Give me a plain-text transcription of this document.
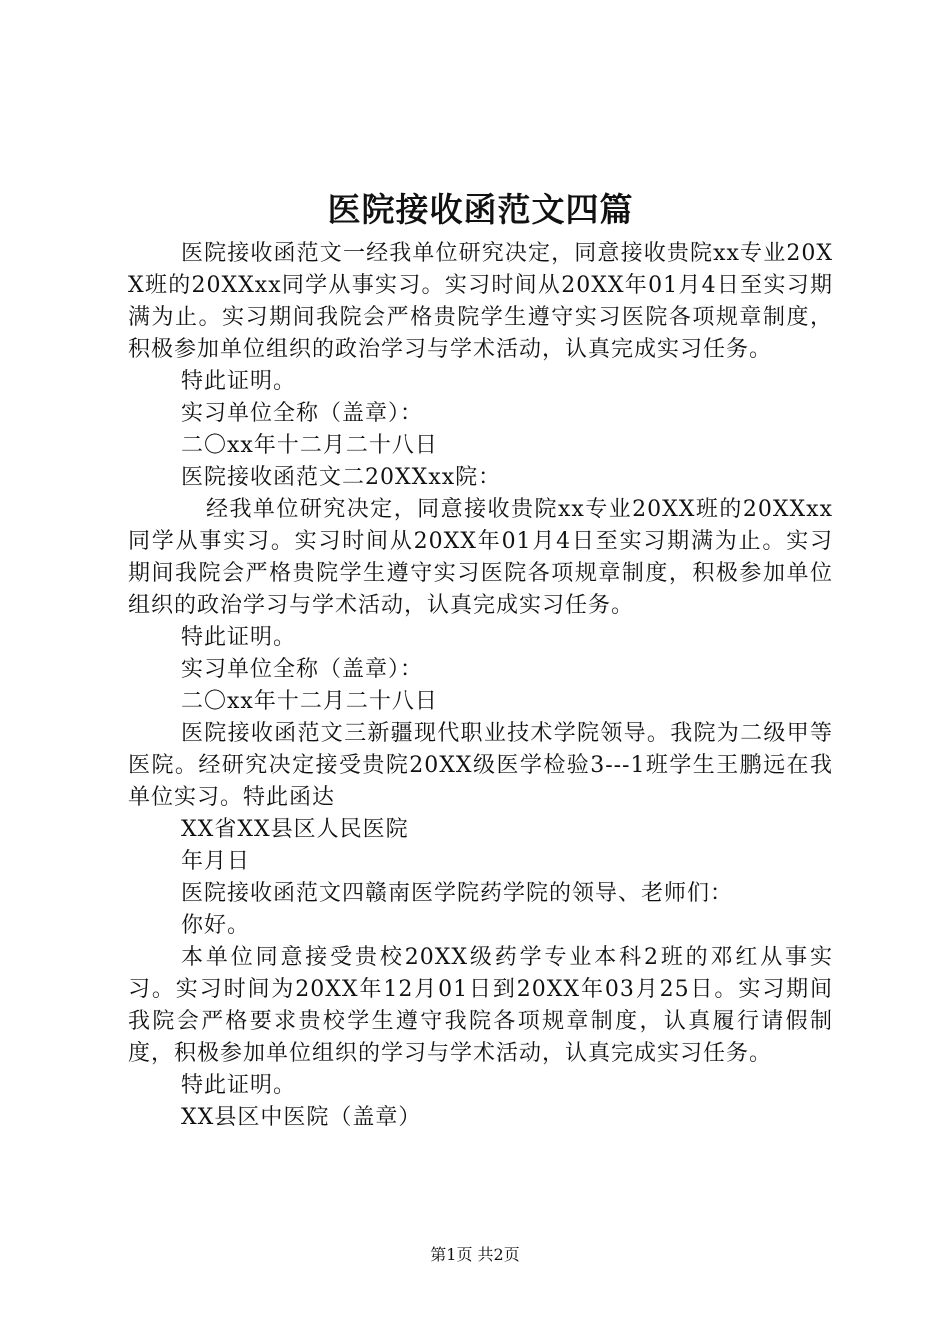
医院接收函范文四篇

医院接收函范文一经我单位研究决定，同意接收贵院xx专业20XX班的20XXxx同学从事实习。实习时间从20XX年01月4日至实习期满为止。实习期间我院会严格贵院学生遵守实习医院各项规章制度，积极参加单位组织的政治学习与学术活动，认真完成实习任务。

特此证明。

实习单位全称（盖章）：

二〇xx年十二月二十八日

医院接收函范文二20XXxx院：

经我单位研究决定，同意接收贵院xx专业20XX班的20XXxx同学从事实习。实习时间从20XX年01月4日至实习期满为止。实习期间我院会严格贵院学生遵守实习医院各项规章制度，积极参加单位组织的政治学习与学术活动，认真完成实习任务。

特此证明。

实习单位全称（盖章）：

二〇xx年十二月二十八日

医院接收函范文三新疆现代职业技术学院领导。我院为二级甲等医院。经研究决定接受贵院20XX级医学检验3---1班学生王鹏远在我单位实习。特此函达

XX省XX县区人民医院

年月日

医院接收函范文四赣南医学院药学院的领导、老师们：

你好。

本单位同意接受贵校20XX级药学专业本科2班的邓红从事实习。实习时间为20XX年12月01日到20XX年03月25日。实习期间我院会严格要求贵校学生遵守我院各项规章制度，认真履行请假制度，积极参加单位组织的学习与学术活动，认真完成实习任务。

特此证明。

XX县区中医院（盖章）

第1页 共2页
